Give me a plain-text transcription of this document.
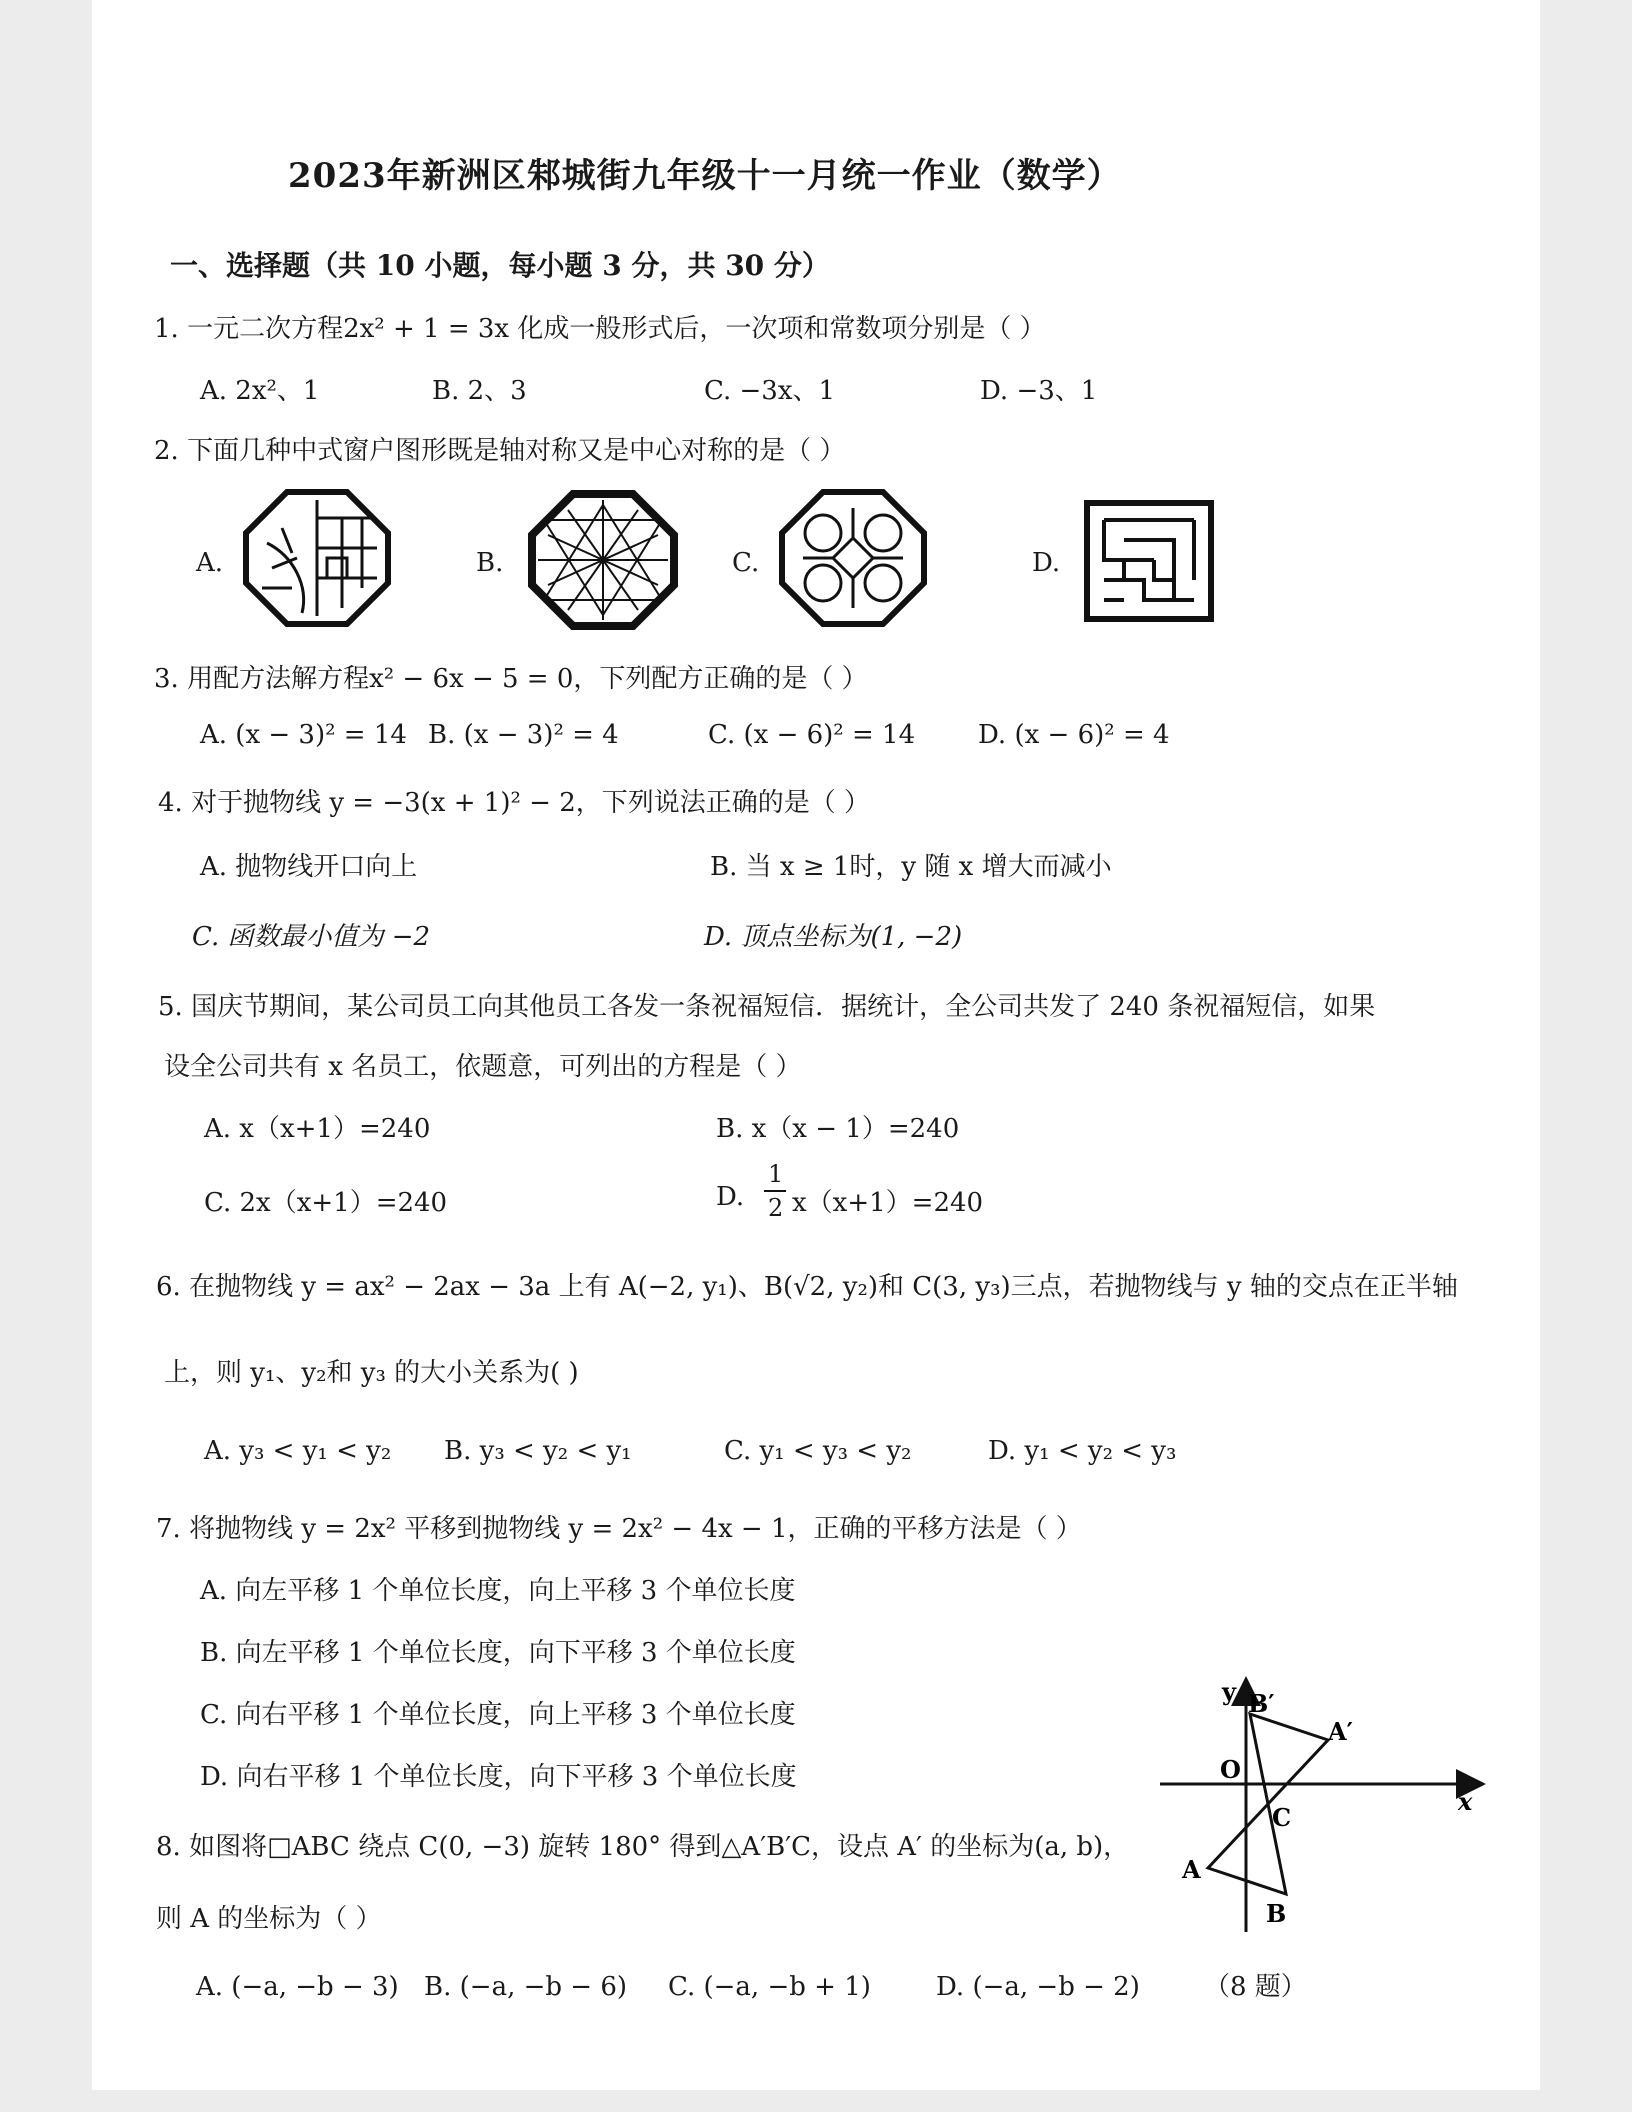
2023年新洲区邾城街九年级十一月统一作业（数学）
一、选择题（共 10 小题，每小题 3 分，共 30 分）
1. 一元二次方程2x² + 1 = 3x 化成一般形式后，一次项和常数项分别是（ ）
A. 2x²、1	B. 2、3	C. −3x、1	D. −3、1
2. 下面几种中式窗户图形既是轴对称又是中心对称的是（ ）
A.	B.	C.	D.
3. 用配方法解方程x² − 6x − 5 = 0，下列配方正确的是（ ）
A. (x − 3)² = 14 B. (x − 3)² = 4	C. (x − 6)² = 14 D. (x − 6)² = 4
4. 对于抛物线 y = −3(x + 1)² − 2，下列说法正确的是（ ）
A. 抛物线开口向上	B. 当 x ≥ 1时，y 随 x 增大而减小
C. 函数最小值为 −2	D. 顶点坐标为(1, −2)
5. 国庆节期间，某公司员工向其他员工各发一条祝福短信．据统计，全公司共发了 240 条祝福短信，如果
设全公司共有 x 名员工，依题意，可列出的方程是（ ）
A. x（x+1）=240	B. x（x − 1）=240
C. 2x（x+1）=240	D.
1
2 x（x+1）=240
6. 在抛物线 y = ax² − 2ax − 3a 上有 A(−2, y₁)、B(√2, y₂)和 C(3, y₃)三点，若抛物线与 y 轴的交点在正半轴
上，则 y₁、y₂和 y₃ 的大小关系为( )
A. y₃ < y₁ < y₂ B. y₃ < y₂ < y₁	C. y₁ < y₃ < y₂	D. y₁ < y₂ < y₃
7. 将抛物线 y = 2x² 平移到抛物线 y = 2x² − 4x − 1，正确的平移方法是（ ）
A. 向左平移 1 个单位长度，向上平移 3 个单位长度
B. 向左平移 1 个单位长度，向下平移 3 个单位长度
C. 向右平移 1 个单位长度，向上平移 3 个单位长度
D. 向右平移 1 个单位长度，向下平移 3 个单位长度
8. 如图将□ABC 绕点 C(0, −3) 旋转 180° 得到△A′B′C，设点 A′ 的坐标为(a, b)，
则 A 的坐标为（ ）
A. (−a, −b − 3) B. (−a, −b − 6) C. (−a, −b + 1)	D. (−a, −b − 2)
y
x
O
B′
A′
C
A
B
（8 题）
